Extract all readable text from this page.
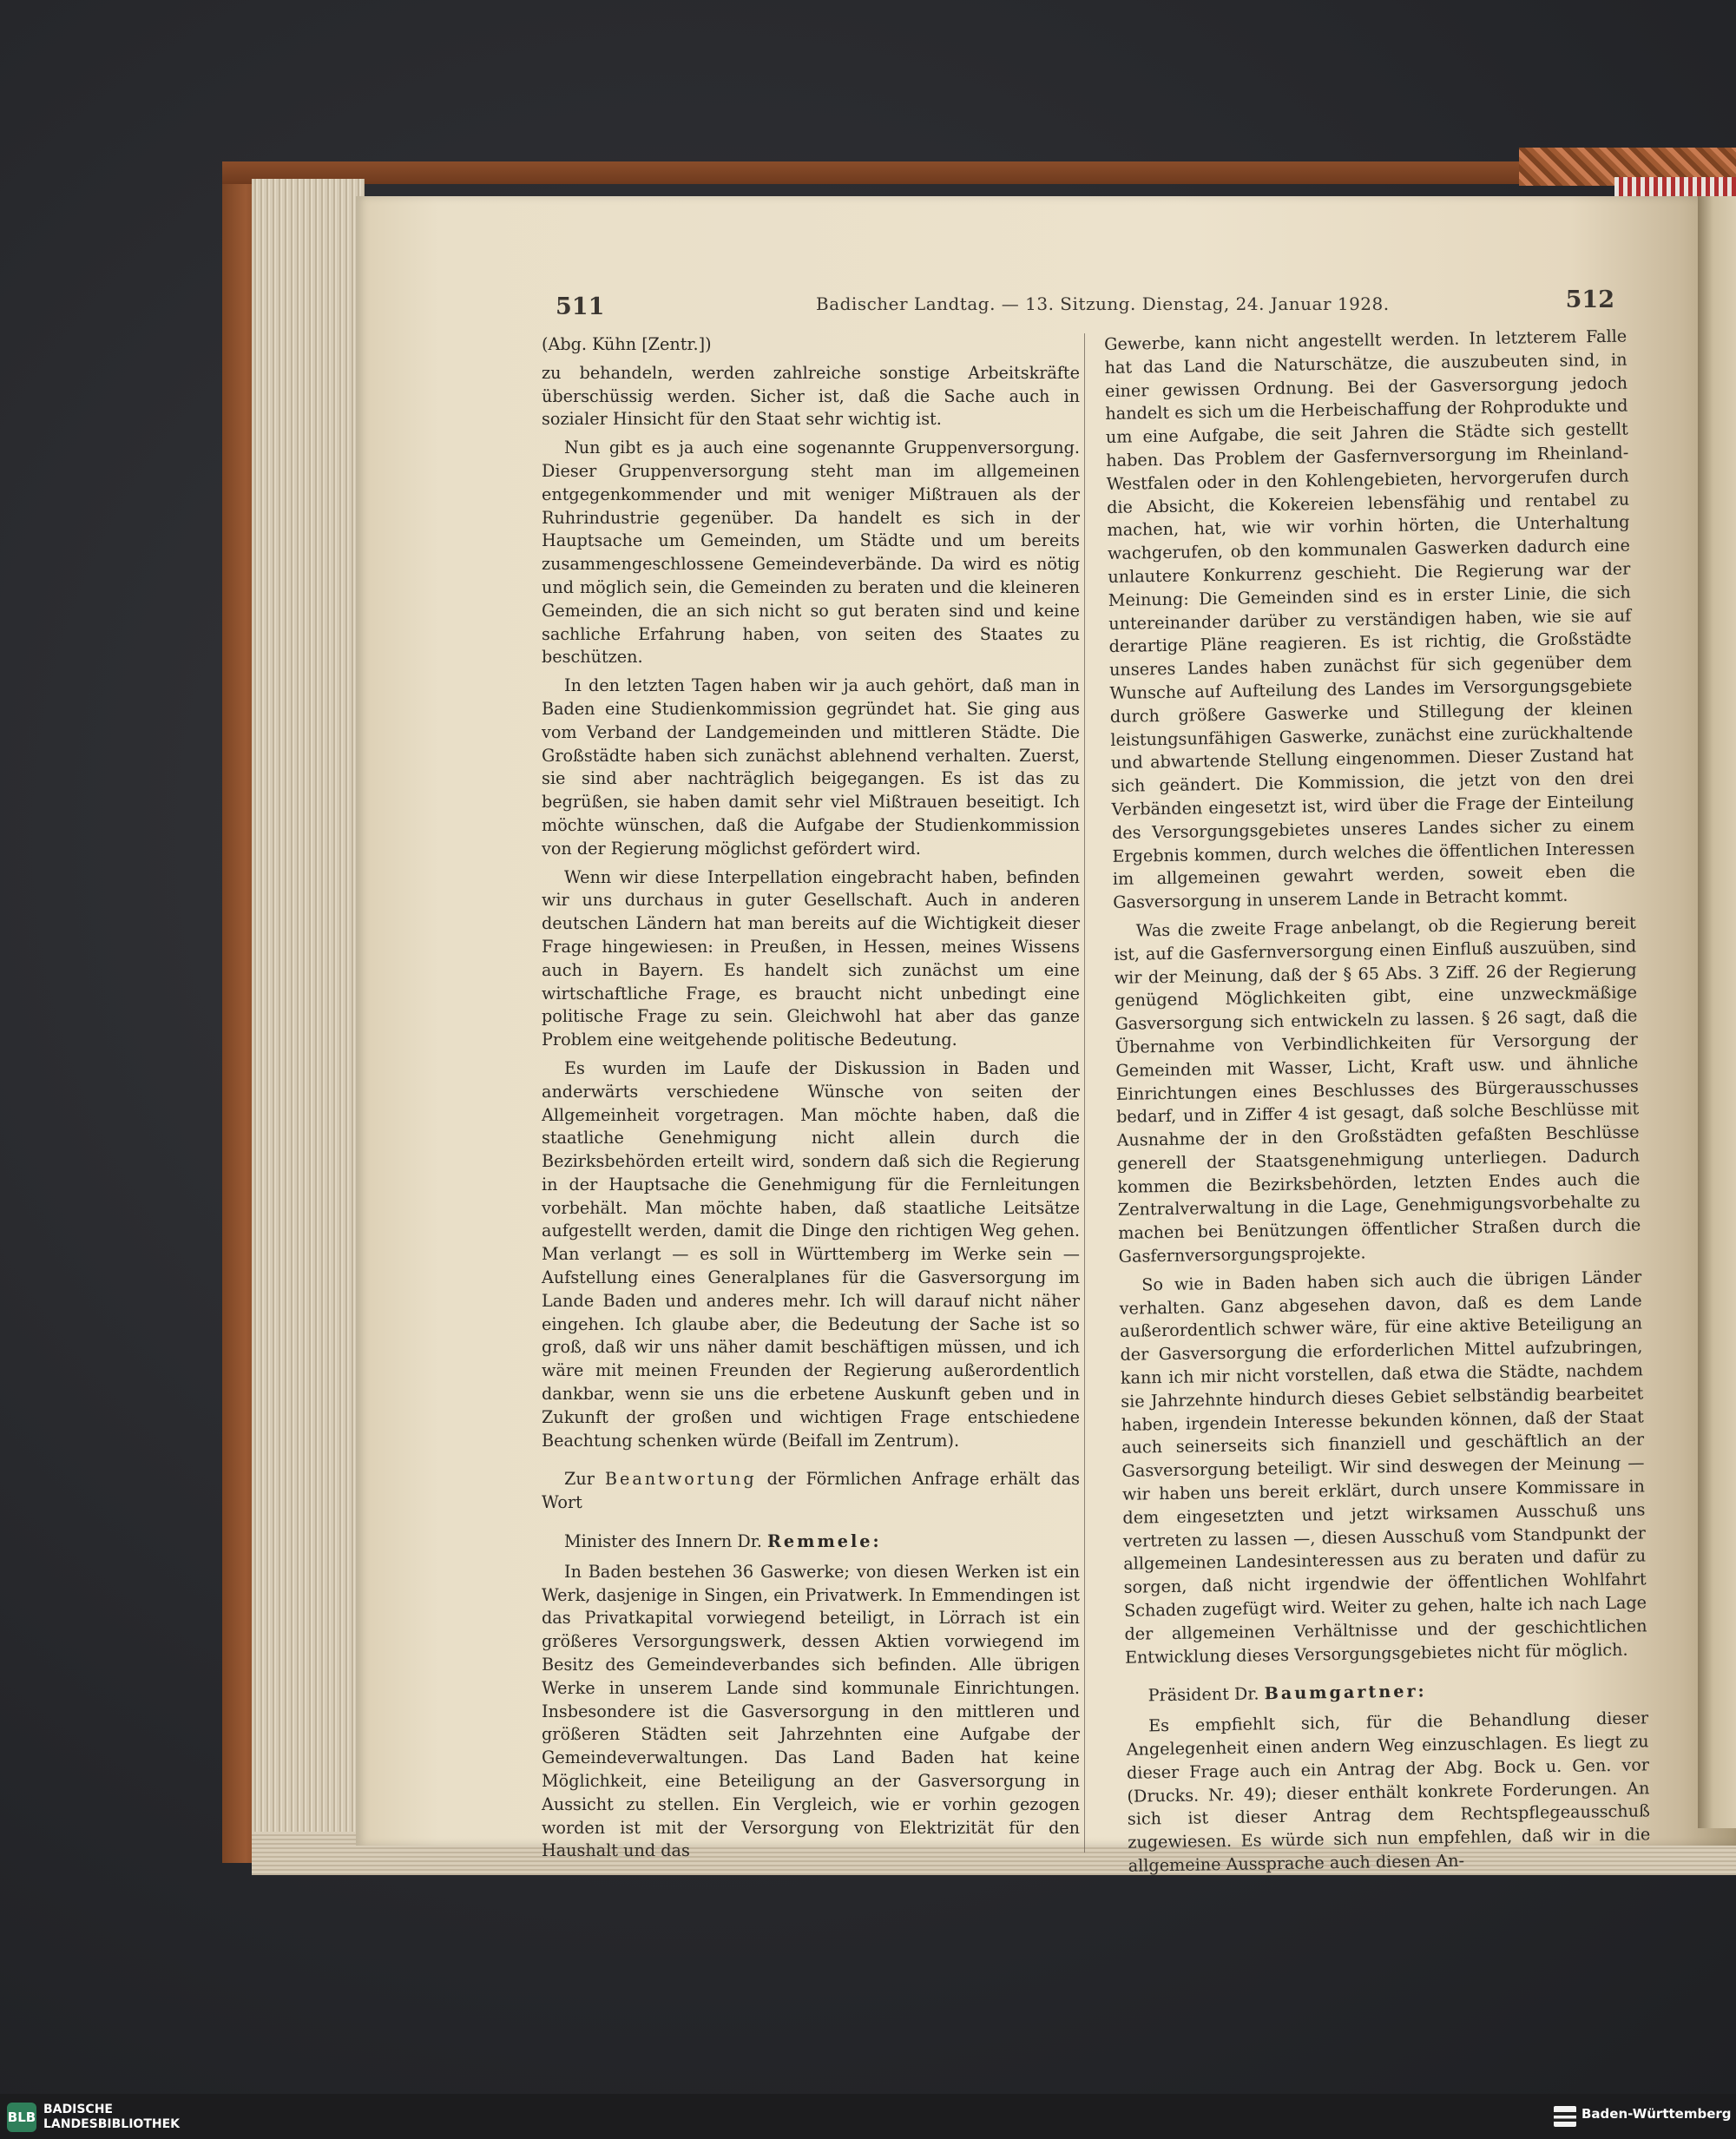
511	Badischer Landtag. — 13. Sitzung. Dienstag, 24. Januar 1928.	512

(Abg. Kühn [Zentr.])

zu behandeln, werden zahlreiche sonstige Arbeitskräfte überschüssig werden. Sicher ist, daß die Sache auch in sozialer Hinsicht für den Staat sehr wichtig ist.

Nun gibt es ja auch eine sogenannte Gruppenversorgung. Dieser Gruppenversorgung steht man im allgemeinen entgegenkommender und mit weniger Mißtrauen als der Ruhrindustrie gegenüber. Da handelt es sich in der Hauptsache um Gemeinden, um Städte und um bereits zusammengeschlossene Gemeindeverbände. Da wird es nötig und möglich sein, die Gemeinden zu beraten und die kleineren Gemeinden, die an sich nicht so gut beraten sind und keine sachliche Erfahrung haben, von seiten des Staates zu beschützen.

In den letzten Tagen haben wir ja auch gehört, daß man in Baden eine Studienkommission gegründet hat. Sie ging aus vom Verband der Landgemeinden und mittleren Städte. Die Großstädte haben sich zunächst ablehnend verhalten. Zuerst, sie sind aber nachträglich beigegangen. Es ist das zu begrüßen, sie haben damit sehr viel Mißtrauen beseitigt. Ich möchte wünschen, daß die Aufgabe der Studienkommission von der Regierung möglichst gefördert wird.

Wenn wir diese Interpellation eingebracht haben, befinden wir uns durchaus in guter Gesellschaft. Auch in anderen deutschen Ländern hat man bereits auf die Wichtigkeit dieser Frage hingewiesen: in Preußen, in Hessen, meines Wissens auch in Bayern. Es handelt sich zunächst um eine wirtschaftliche Frage, es braucht nicht unbedingt eine politische Frage zu sein. Gleichwohl hat aber das ganze Problem eine weitgehende politische Bedeutung.

Es wurden im Laufe der Diskussion in Baden und anderwärts verschiedene Wünsche von seiten der Allgemeinheit vorgetragen. Man möchte haben, daß die staatliche Genehmigung nicht allein durch die Bezirksbehörden erteilt wird, sondern daß sich die Regierung in der Hauptsache die Genehmigung für die Fernleitungen vorbehält. Man möchte haben, daß staatliche Leitsätze aufgestellt werden, damit die Dinge den richtigen Weg gehen. Man verlangt — es soll in Württemberg im Werke sein — Aufstellung eines Generalplanes für die Gasversorgung im Lande Baden und anderes mehr. Ich will darauf nicht näher eingehen. Ich glaube aber, die Bedeutung der Sache ist so groß, daß wir uns näher damit beschäftigen müssen, und ich wäre mit meinen Freunden der Regierung außerordentlich dankbar, wenn sie uns die erbetene Auskunft geben und in Zukunft der großen und wichtigen Frage entschiedene Beachtung schenken würde (Beifall im Zentrum).

Zur Beantwortung der Förmlichen Anfrage erhält das Wort

Minister des Innern Dr. Remmele:

In Baden bestehen 36 Gaswerke; von diesen Werken ist ein Werk, dasjenige in Singen, ein Privatwerk. In Emmendingen ist das Privatkapital vorwiegend beteiligt, in Lörrach ist ein größeres Versorgungswerk, dessen Aktien vorwiegend im Besitz des Gemeindeverbandes sich befinden. Alle übrigen Werke in unserem Lande sind kommunale Einrichtungen. Insbesondere ist die Gasversorgung in den mittleren und größeren Städten seit Jahrzehnten eine Aufgabe der Gemeindeverwaltungen. Das Land Baden hat keine Möglichkeit, eine Beteiligung an der Gasversorgung in Aussicht zu stellen. Ein Vergleich, wie er vorhin gezogen worden ist mit der Versorgung von Elektrizität für den Haushalt und das

Gewerbe, kann nicht angestellt werden. In letzterem Falle hat das Land die Naturschätze, die auszubeuten sind, in einer gewissen Ordnung. Bei der Gasversorgung jedoch handelt es sich um die Herbeischaffung der Rohprodukte und um eine Aufgabe, die seit Jahren die Städte sich gestellt haben. Das Problem der Gasfernversorgung im Rheinland-Westfalen oder in den Kohlengebieten, hervorgerufen durch die Absicht, die Kokereien lebensfähig und rentabel zu machen, hat, wie wir vorhin hörten, die Unterhaltung wachgerufen, ob den kommunalen Gaswerken dadurch eine unlautere Konkurrenz geschieht. Die Regierung war der Meinung: Die Gemeinden sind es in erster Linie, die sich untereinander darüber zu verständigen haben, wie sie auf derartige Pläne reagieren. Es ist richtig, die Großstädte unseres Landes haben zunächst für sich gegenüber dem Wunsche auf Aufteilung des Landes im Versorgungsgebiete durch größere Gaswerke und Stillegung der kleinen leistungsunfähigen Gaswerke, zunächst eine zurückhaltende und abwartende Stellung eingenommen. Dieser Zustand hat sich geändert. Die Kommission, die jetzt von den drei Verbänden eingesetzt ist, wird über die Frage der Einteilung des Versorgungsgebietes unseres Landes sicher zu einem Ergebnis kommen, durch welches die öffentlichen Interessen im allgemeinen gewahrt werden, soweit eben die Gasversorgung in unserem Lande in Betracht kommt.

Was die zweite Frage anbelangt, ob die Regierung bereit ist, auf die Gasfernversorgung einen Einfluß auszuüben, sind wir der Meinung, daß der § 65 Abs. 3 Ziff. 26 der Regierung genügend Möglichkeiten gibt, eine unzweckmäßige Gasversorgung sich entwickeln zu lassen. § 26 sagt, daß die Übernahme von Verbindlichkeiten für Versorgung der Gemeinden mit Wasser, Licht, Kraft usw. und ähnliche Einrichtungen eines Beschlusses des Bürgerausschusses bedarf, und in Ziffer 4 ist gesagt, daß solche Beschlüsse mit Ausnahme der in den Großstädten gefaßten Beschlüsse generell der Staatsgenehmigung unterliegen. Dadurch kommen die Bezirksbehörden, letzten Endes auch die Zentralverwaltung in die Lage, Genehmigungsvorbehalte zu machen bei Benützungen öffentlicher Straßen durch die Gasfernversorgungsprojekte.

So wie in Baden haben sich auch die übrigen Länder verhalten. Ganz abgesehen davon, daß es dem Lande außerordentlich schwer wäre, für eine aktive Beteiligung an der Gasversorgung die erforderlichen Mittel aufzubringen, kann ich mir nicht vorstellen, daß etwa die Städte, nachdem sie Jahrzehnte hindurch dieses Gebiet selbständig bearbeitet haben, irgendein Interesse bekunden können, daß der Staat auch seinerseits sich finanziell und geschäftlich an der Gasversorgung beteiligt. Wir sind deswegen der Meinung — wir haben uns bereit erklärt, durch unsere Kommissare in dem eingesetzten und jetzt wirksamen Ausschuß uns vertreten zu lassen —, diesen Ausschuß vom Standpunkt der allgemeinen Landesinteressen aus zu beraten und dafür zu sorgen, daß nicht irgendwie der öffentlichen Wohlfahrt Schaden zugefügt wird. Weiter zu gehen, halte ich nach Lage der allgemeinen Verhältnisse und der geschichtlichen Entwicklung dieses Versorgungsgebietes nicht für möglich.

Präsident Dr. Baumgartner:

Es empfiehlt sich, für die Behandlung dieser Angelegenheit einen andern Weg einzuschlagen. Es liegt zu dieser Frage auch ein Antrag der Abg. Bock u. Gen. vor (Drucks. Nr. 49); dieser enthält konkrete Forderungen. An sich ist dieser Antrag dem Rechtspflegeausschuß zugewiesen. Es würde sich nun empfehlen, daß wir in die allgemeine Aussprache auch diesen An-

BLB BADISCHE
LANDESBIBLIOTHEK
Baden-Württemberg
